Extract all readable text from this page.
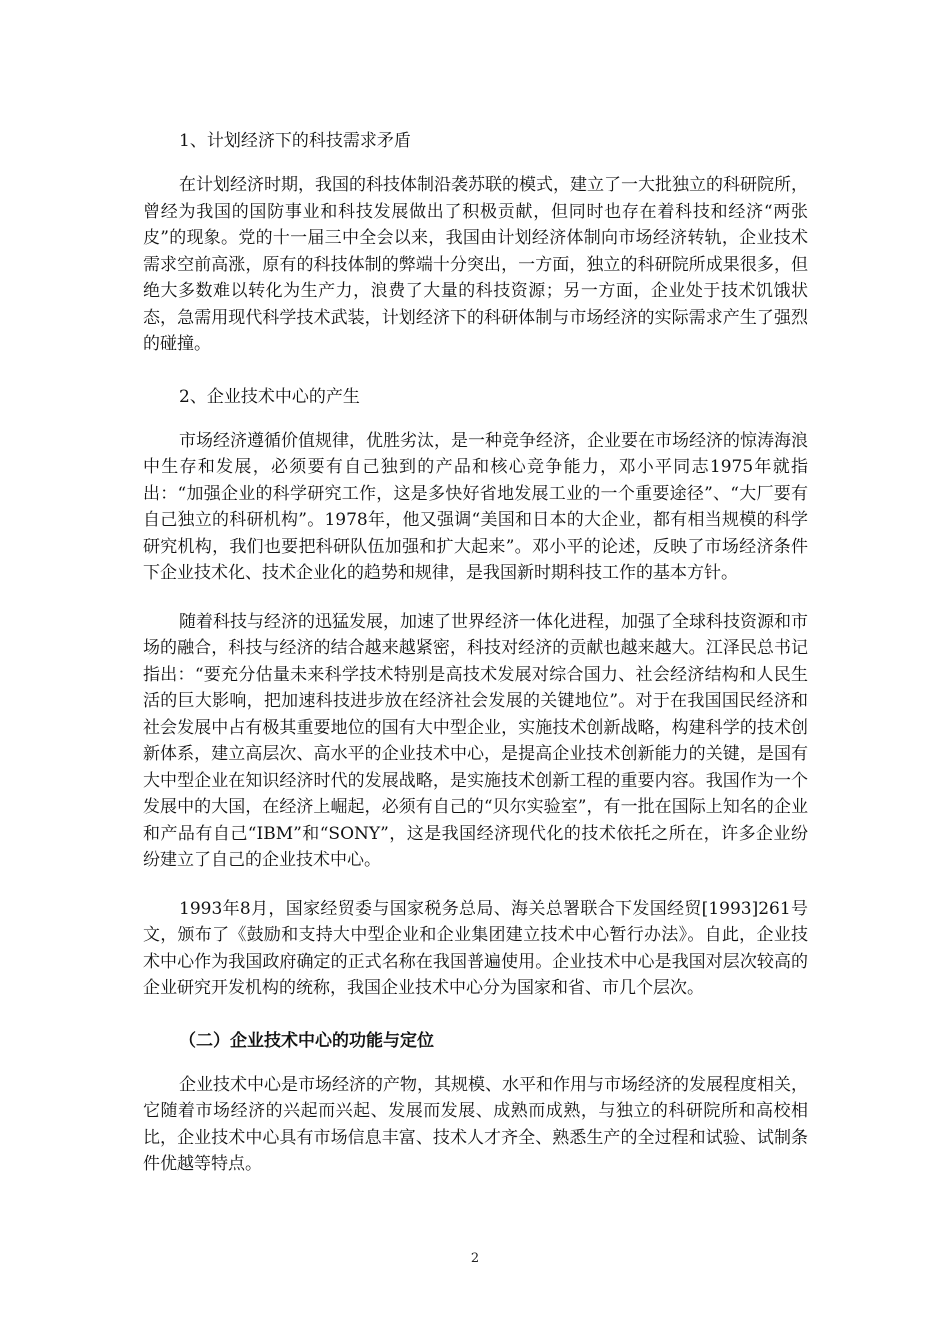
1、计划经济下的科技需求矛盾

在计划经济时期，我国的科技体制沿袭苏联的模式，建立了一大批独立的科研院所，曾经为我国的国防事业和科技发展做出了积极贡献，但同时也存在着科技和经济“两张皮”的现象。党的十一届三中全会以来，我国由计划经济体制向市场经济转轨，企业技术需求空前高涨，原有的科技体制的弊端十分突出，一方面，独立的科研院所成果很多，但绝大多数难以转化为生产力，浪费了大量的科技资源；另一方面，企业处于技术饥饿状态，急需用现代科学技术武装，计划经济下的科研体制与市场经济的实际需求产生了强烈的碰撞。

2、企业技术中心的产生

市场经济遵循价值规律，优胜劣汰，是一种竞争经济，企业要在市场经济的惊涛海浪中生存和发展，必须要有自己独到的产品和核心竞争能力，邓小平同志1975年就指出：“加强企业的科学研究工作，这是多快好省地发展工业的一个重要途径”、“大厂要有自己独立的科研机构”。1978年，他又强调“美国和日本的大企业，都有相当规模的科学研究机构，我们也要把科研队伍加强和扩大起来”。邓小平的论述，反映了市场经济条件下企业技术化、技术企业化的趋势和规律，是我国新时期科技工作的基本方针。

随着科技与经济的迅猛发展，加速了世界经济一体化进程，加强了全球科技资源和市场的融合，科技与经济的结合越来越紧密，科技对经济的贡献也越来越大。江泽民总书记指出：“要充分估量未来科学技术特别是高技术发展对综合国力、社会经济结构和人民生活的巨大影响，把加速科技进步放在经济社会发展的关键地位”。对于在我国国民经济和社会发展中占有极其重要地位的国有大中型企业，实施技术创新战略，构建科学的技术创新体系，建立高层次、高水平的企业技术中心，是提高企业技术创新能力的关键，是国有大中型企业在知识经济时代的发展战略，是实施技术创新工程的重要内容。我国作为一个发展中的大国，在经济上崛起，必须有自己的“贝尔实验室”，有一批在国际上知名的企业和产品有自己“IBM”和“SONY”，这是我国经济现代化的技术依托之所在，许多企业纷纷建立了自己的企业技术中心。

1993年8月，国家经贸委与国家税务总局、海关总署联合下发国经贸[1993]261号文，颁布了《鼓励和支持大中型企业和企业集团建立技术中心暂行办法》。自此，企业技术中心作为我国政府确定的正式名称在我国普遍使用。企业技术中心是我国对层次较高的企业研究开发机构的统称，我国企业技术中心分为国家和省、市几个层次。

（二）企业技术中心的功能与定位

企业技术中心是市场经济的产物，其规模、水平和作用与市场经济的发展程度相关，它随着市场经济的兴起而兴起、发展而发展、成熟而成熟，与独立的科研院所和高校相比，企业技术中心具有市场信息丰富、技术人才齐全、熟悉生产的全过程和试验、试制条件优越等特点。

2
